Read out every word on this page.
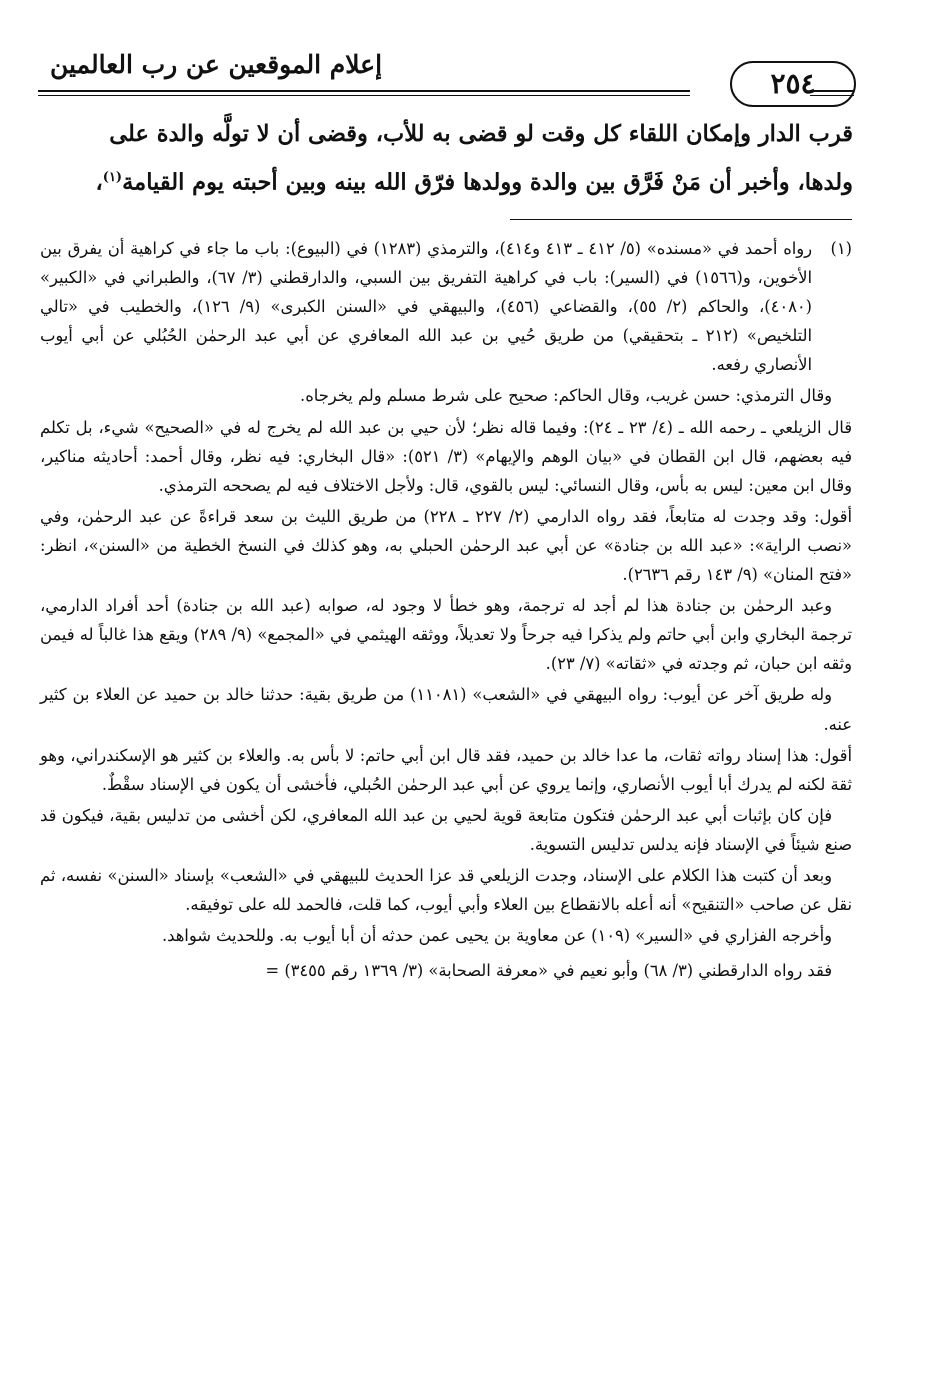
إعلام الموقعين عن رب العالمين
٢٥٤
قرب الدار وإمكان اللقاء كل وقت لو قضى به للأب، وقضى أن لا تولَّه والدة على
ولدها، وأخبر أن مَنْ فَرَّق بين والدة وولدها فرّق الله بينه وبين أحبته يوم القيامة$^{(١)}$،
(١)

رواه أحمد في «مسنده» (٥/ ٤١٢ ـ ٤١٣ و٤١٤)، والترمذي (١٢٨٣) في (البيوع): باب ما جاء في كراهية أن يفرق بين الأخوين، و(١٥٦٦) في (السير): باب في كراهية التفريق بين السبي، والدارقطني (٣/ ٦٧)، والطبراني في «الكبير» (٤٠٨٠)، والحاكم (٢/ ٥٥)، والقضاعي (٤٥٦)، والبيهقي في «السنن الكبرى» (٩/ ١٢٦)، والخطيب في «تالي التلخيص» (٢١٢ ـ بتحقيقي) من طريق حُيي بن عبد الله المعافري عن أبي عبد الرحمٰن الحُبُلي عن أبي أيوب الأنصاري رفعه.

وقال الترمذي: حسن غريب، وقال الحاكم: صحيح على شرط مسلم ولم يخرجاه.

قال الزيلعي ـ رحمه الله ـ (٤/ ٢٣ ـ ٢٤): وفيما قاله نظر؛ لأن حيي بن عبد الله لم يخرج له في «الصحيح» شيء، بل تكلم فيه بعضهم، قال ابن القطان في «بيان الوهم والإيهام» (٣/ ٥٢١): «قال البخاري: فيه نظر، وقال أحمد: أحاديثه مناكير، وقال ابن معين: ليس به بأس، وقال النسائي: ليس بالقوي، قال: ولأجل الاختلاف فيه لم يصححه الترمذي.

أقول: وقد وجدت له متابعاً، فقد رواه الدارمي (٢/ ٢٢٧ ـ ٢٢٨) من طريق الليث بن سعد قراءةً عن عبد الرحمٰن، وفي «نصب الراية»: «عبد الله بن جنادة» عن أبي عبد الرحمٰن الحبلي به، وهو كذلك في النسخ الخطية من «السنن»، انظر: «فتح المنان» (٩/ ١٤٣ رقم ٢٦٣٦).

وعبد الرحمٰن بن جنادة هذا لم أجد له ترجمة، وهو خطأ لا وجود له، صوابه (عبد الله بن جنادة) أحد أفراد الدارمي، ترجمة البخاري وابن أبي حاتم ولم يذكرا فيه جرحاً ولا تعديلاً، ووثقه الهيثمي في «المجمع» (٩/ ٢٨٩) ويقع هذا غالباً له فيمن وثقه ابن حبان، ثم وجدته في «ثقاته» (٧/ ٢٣).

وله طريق آخر عن أيوب: رواه البيهقي في «الشعب» (١١٠٨١) من طريق بقية: حدثنا خالد بن حميد عن العلاء بن كثير عنه.

أقول: هذا إسناد رواته ثقات، ما عدا خالد بن حميد، فقد قال ابن أبي حاتم: لا بأس به. والعلاء بن كثير هو الإسكندراني، وهو ثقة لكنه لم يدرك أبا أيوب الأنصاري، وإنما يروي عن أبي عبد الرحمٰن الحُبلي، فأخشى أن يكون في الإسناد سقْطٌ.

فإن كان بإثبات أبي عبد الرحمٰن فتكون متابعة قوية لحيي بن عبد الله المعافري، لكن أخشى من تدليس بقية، فيكون قد صنع شيئاً في الإسناد فإنه يدلس تدليس التسوية.

وبعد أن كتبت هذا الكلام على الإسناد، وجدت الزيلعي قد عزا الحديث للبيهقي في «الشعب» بإسناد «السنن» نفسه، ثم نقل عن صاحب «التنقيح» أنه أعله بالانقطاع بين العلاء وأبي أيوب، كما قلت، فالحمد لله على توفيقه.

وأخرجه الفزاري في «السير» (١٠٩) عن معاوية بن يحيى عمن حدثه أن أبا أيوب به. وللحديث شواهد.

فقد رواه الدارقطني (٣/ ٦٨) وأبو نعيم في «معرفة الصحابة» (٣/ ١٣٦٩ رقم ٣٤٥٥) =
